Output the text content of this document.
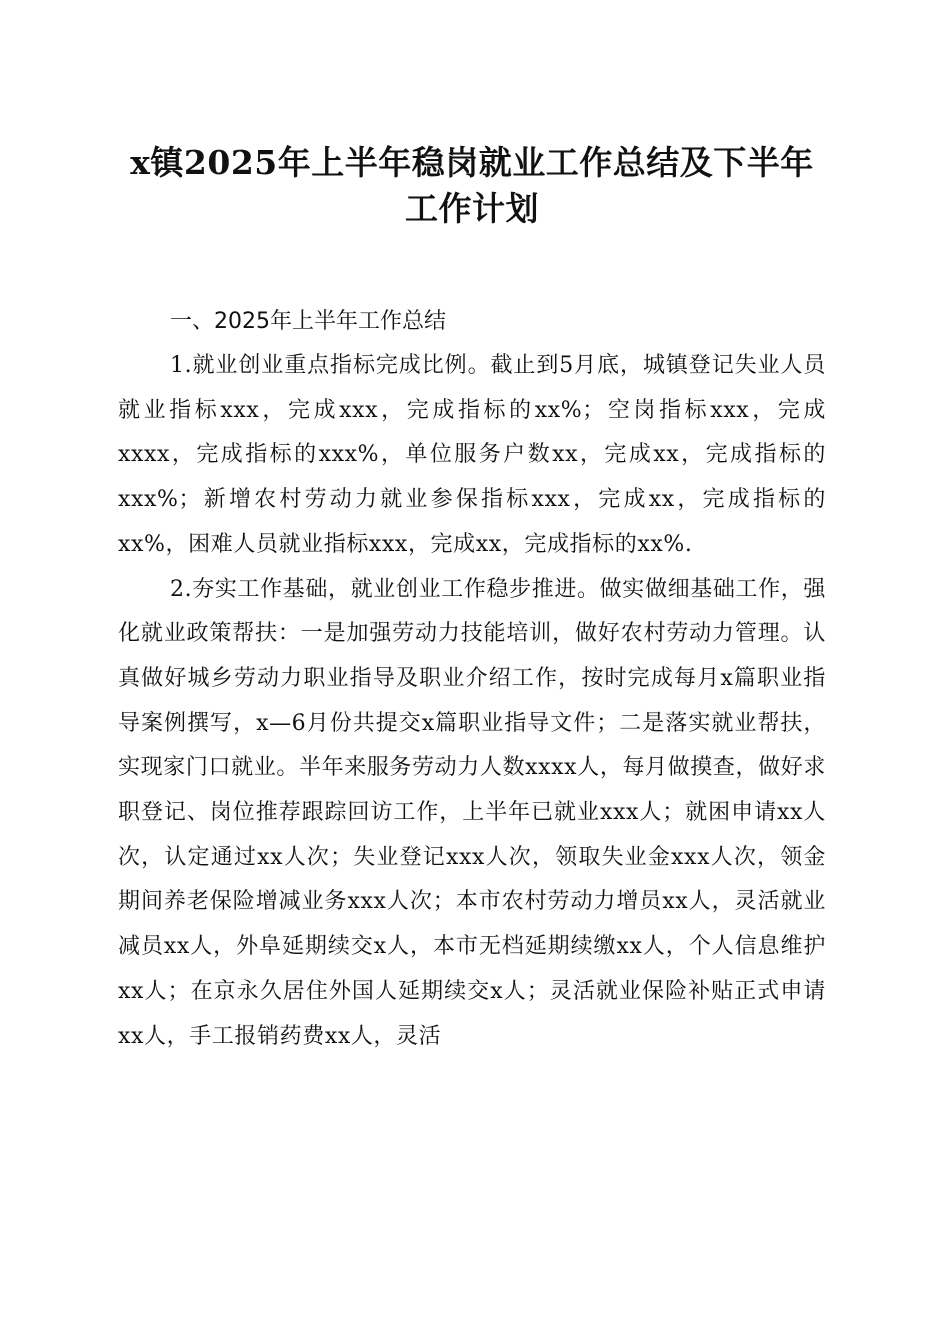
x镇2025年上半年稳岗就业工作总结及下半年
工作计划
一、2025年上半年工作总结

1.就业创业重点指标完成比例。截止到5月底，城镇登记失业人员就业指标xxx，完成xxx，完成指标的xx%；空岗指标xxx，完成xxxx，完成指标的xxx%，单位服务户数xx，完成xx，完成指标的xxx%；新增农村劳动力就业参保指标xxx，完成xx，完成指标的xx%，困难人员就业指标xxx，完成xx，完成指标的xx%.

2.夯实工作基础，就业创业工作稳步推进。做实做细基础工作，强化就业政策帮扶：一是加强劳动力技能培训，做好农村劳动力管理。认真做好城乡劳动力职业指导及职业介绍工作，按时完成每月x篇职业指导案例撰写，x—6月份共提交x篇职业指导文件；二是落实就业帮扶，实现家门口就业。半年来服务劳动力人数xxxx人，每月做摸查，做好求职登记、岗位推荐跟踪回访工作，上半年已就业xxx人；就困申请xx人次，认定通过xx人次；失业登记xxx人次，领取失业金xxx人次，领金期间养老保险增减业务xxx人次；本市农村劳动力增员xx人，灵活就业减员xx人，外阜延期续交x人，本市无档延期续缴xx人，个人信息维护xx人；在京永久居住外国人延期续交x人；灵活就业保险补贴正式申请xx人，手工报销药费xx人，灵活
